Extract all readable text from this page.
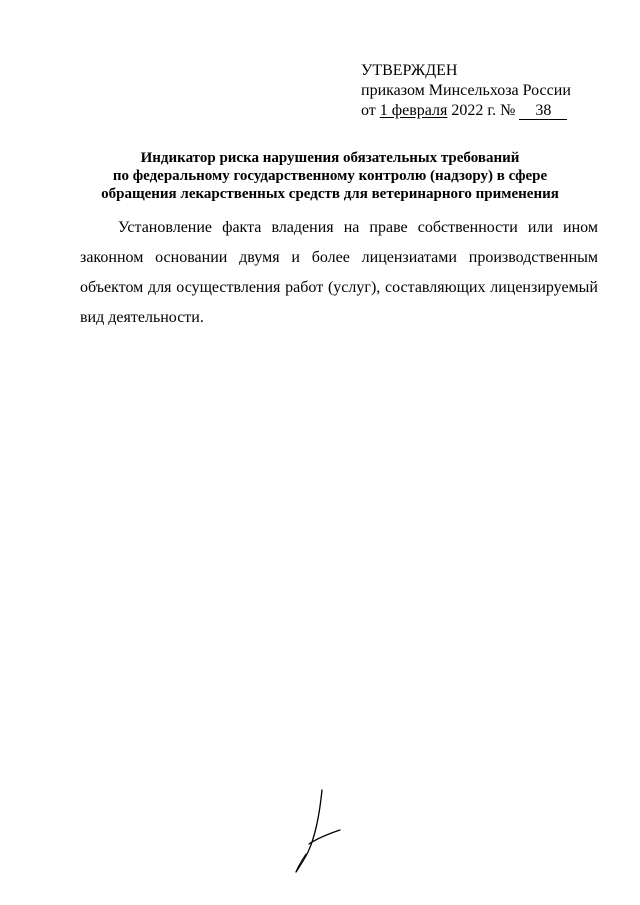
УТВЕРЖДЕН
приказом Минсельхоза России
от 1 февраля 2022 г. № 38
Индикатор риска нарушения обязательных требований
по федеральному государственному контролю (надзору) в сфере
обращения лекарственных средств для ветеринарного применения

Установление факта владения на праве собственности или ином законном основании двумя и более лицензиатами производственным объектом для осуществления работ (услуг), составляющих лицензируемый вид деятельности.
